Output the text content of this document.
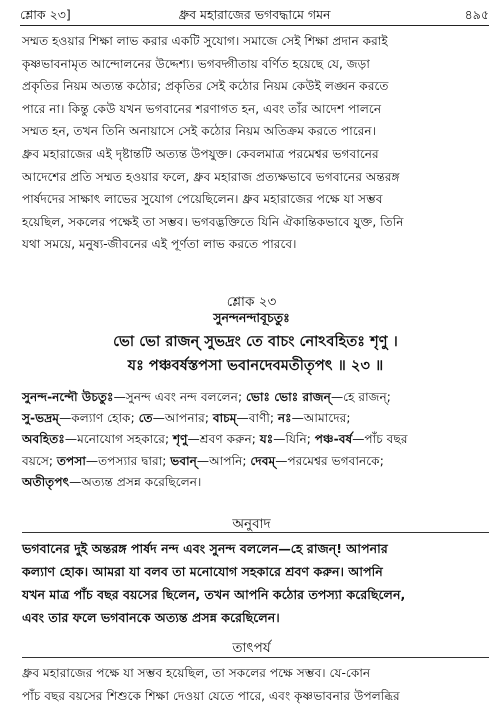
শ্লোক ২৩]	ধ্রুব মহারাজের ভগবদ্ধামে গমন	৪৯৫
সম্মত হওয়ার শিক্ষা লাভ করার একটি সুযোগ। সমাজে সেই শিক্ষা প্রদান করাই
কৃষ্ণভাবনামৃত আন্দোলনের উদ্দেশ্য। ভগবদ্গীতায় বর্ণিত হয়েছে যে, জড়া
প্রকৃতির নিয়ম অত্যন্ত কঠোর; প্রকৃতির সেই কঠোর নিয়ম কেউই লঙ্ঘন করতে
পারে না। কিন্তু কেউ যখন ভগবানের শরণাগত হন, এবং তাঁর আদেশ পালনে
সম্মত হন, তখন তিনি অনায়াসে সেই কঠোর নিয়ম অতিক্রম করতে পারেন।
ধ্রুব মহারাজের এই দৃষ্টান্তটি অত্যন্ত উপযুক্ত। কেবলমাত্র পরমেশ্বর ভগবানের
আদেশের প্রতি সম্মত হওয়ার ফলে, ধ্রুব মহারাজ প্রত্যক্ষভাবে ভগবানের অন্তরঙ্গ
পার্ষদদের সাক্ষাৎ লাভের সুযোগ পেয়েছিলেন। ধ্রুব মহারাজের পক্ষে যা সম্ভব
হয়েছিল, সকলের পক্ষেই তা সম্ভব। ভগবদ্ভক্তিতে যিনি ঐকান্তিকভাবে যুক্ত, তিনি
যথা সময়ে, মনুষ্য-জীবনের এই পূর্ণতা লাভ করতে পারবে।
শ্লোক ২৩
সুনন্দনন্দাবূচতুঃ
ভো ভো রাজন্ সুভদ্রং তে বাচং নোঽবহিতঃ শৃণু ।
যঃ পঞ্চবর্ষস্তপসা ভবানদেবমতীতৃপৎ ॥ ২৩ ॥
সুনন্দ-নন্দৌ উচতুঃ—সুনন্দ এবং নন্দ বললেন; ভোঃ ভোঃ রাজন্—হে রাজন্;
সু-ভদ্রম্—কল্যাণ হোক; তে—আপনার; বাচম্—বাণী; নঃ—আমাদের;
অবহিতঃ—মনোযোগ সহকারে; শৃণু—শ্রবণ করুন; যঃ—যিনি; পঞ্চ-বর্ষ—পাঁচ বছর
বয়সে; তপসা—তপস্যার দ্বারা; ভবান্—আপনি; দেবম্—পরমেশ্বর ভগবানকে;
অতীতৃপৎ—অত্যন্ত প্রসন্ন করেছিলেন।
অনুবাদ
ভগবানের দুই অন্তরঙ্গ পার্ষদ নন্দ এবং সুনন্দ বললেন—হে রাজন্! আপনার
কল্যাণ হোক। আমরা যা বলব তা মনোযোগ সহকারে শ্রবণ করুন। আপনি
যখন মাত্র পাঁচ বছর বয়সের ছিলেন, তখন আপনি কঠোর তপস্যা করেছিলেন,
এবং তার ফলে ভগবানকে অত্যন্ত প্রসন্ন করেছিলেন।
তাৎপর্য
ধ্রুব মহারাজের পক্ষে যা সম্ভব হয়েছিল, তা সকলের পক্ষে সম্ভব। যে-কোন
পাঁচ বছর বয়সের শিশুকে শিক্ষা দেওয়া যেতে পারে, এবং কৃষ্ণভাবনার উপলব্ধির
